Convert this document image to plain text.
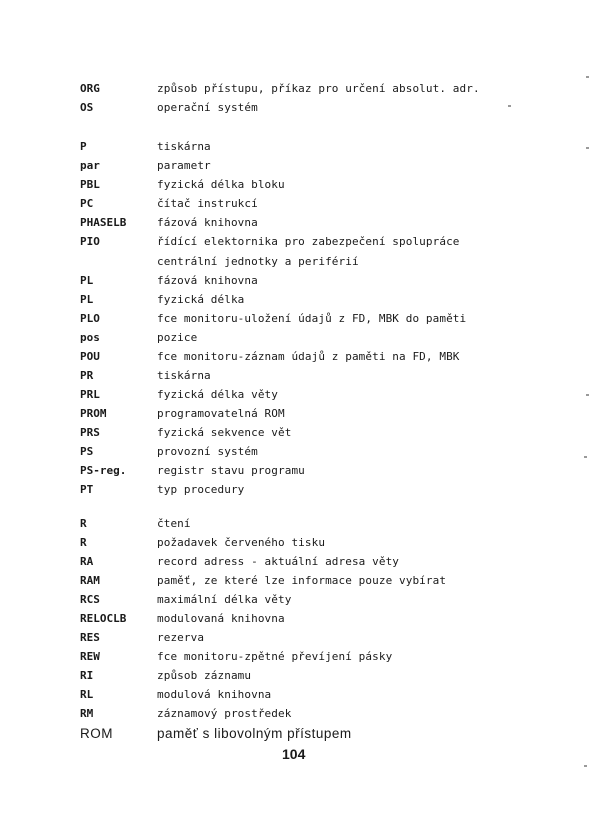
ORG	způsob přístupu, příkaz pro určení absolut. adr.
OS	operační systém
P	tiskárna
par	parametr
PBL	fyzická délka bloku
PC	čítač instrukcí
PHASELB	fázová knihovna
PIO	řídící elektornika pro zabezpečení spolupráce
centrální jednotky a periférií
PL	fázová knihovna
PL	fyzická délka
PLO	fce monitoru-uložení údajů z FD, MBK do paměti
pos	pozice
POU	fce monitoru-záznam údajů z paměti na FD, MBK
PR	tiskárna
PRL	fyzická délka věty
PROM	programovatelná ROM
PRS	fyzická sekvence vět
PS	provozní systém
PS-reg.	registr stavu programu
PT	typ procedury
R	čtení
R	požadavek červeného tisku
RA	record adress - aktuální adresa věty
RAM	paměť, ze které lze informace pouze vybírat
RCS	maximální délka věty
RELOCLB	modulovaná knihovna
RES	rezerva
REW	fce monitoru-zpětné převíjení pásky
RI	způsob záznamu
RL	modulová knihovna
RM	záznamový prostředek
ROM	paměť s libovolným přístupem
104
